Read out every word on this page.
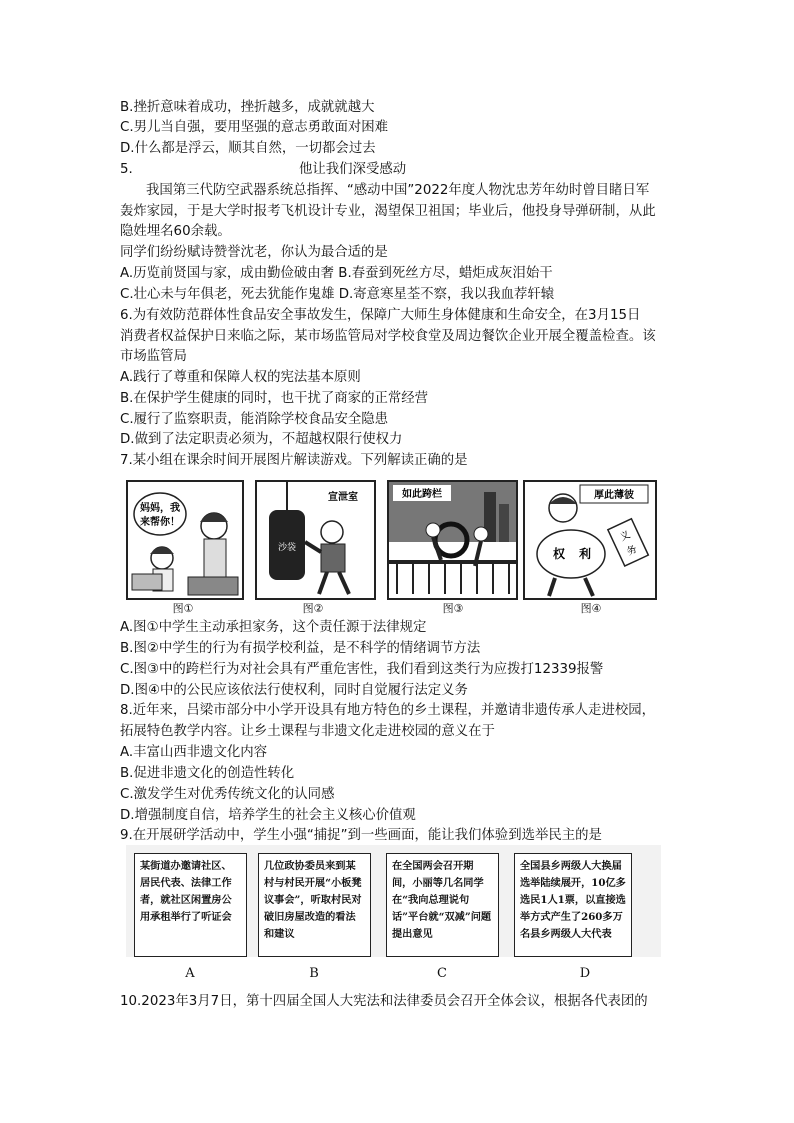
B.挫折意味着成功，挫折越多，成就就越大
C.男儿当自强，要用坚强的意志勇敢面对困难
D.什么都是浮云，顺其自然，一切都会过去
5.	他让我们深受感动
我国第三代防空武器系统总指挥、“感动中国”2022年度人物沈忠芳年幼时曾目睹日军
轰炸家园，于是大学时报考飞机设计专业，渴望保卫祖国；毕业后，他投身导弹研制，从此
隐姓埋名60余载。
同学们纷纷赋诗赞誉沈老，你认为最合适的是
A.历览前贤国与家，成由勤俭破由奢 B.春蚕到死丝方尽，蜡炬成灰泪始干
C.壮心未与年俱老，死去犹能作鬼雄 D.寄意寒星荃不察，我以我血荐轩辕
6.为有效防范群体性食品安全事故发生，保障广大师生身体健康和生命安全，在3月15日
消费者权益保护日来临之际，某市场监管局对学校食堂及周边餐饮企业开展全覆盖检查。该
市场监管局
A.践行了尊重和保障人权的宪法基本原则
B.在保护学生健康的同时，也干扰了商家的正常经营
C.履行了监察职责，能消除学校食品安全隐患
D.做到了法定职责必须为，不超越权限行使权力
7.某小组在课余时间开展图片解读游戏。下列解读正确的是
妈妈，我
来帮你！
图①
宣泄室
沙袋
图②
如此跨栏
图③
厚此薄彼
权 利
义
务
图④
A.图①中学生主动承担家务，这个责任源于法律规定
B.图②中学生的行为有损学校利益，是不科学的情绪调节方法
C.图③中的跨栏行为对社会具有严重危害性，我们看到这类行为应拨打12339报警
D.图④中的公民应该依法行使权利，同时自觉履行法定义务
8.近年来，吕梁市部分中小学开设具有地方特色的乡土课程，并邀请非遗传承人走进校园，
拓展特色教学内容。让乡土课程与非遗文化走进校园的意义在于
A.丰富山西非遗文化内容
B.促进非遗文化的创造性转化
C.激发学生对优秀传统文化的认同感
D.增强制度自信，培养学生的社会主义核心价值观
9.在开展研学活动中，学生小强“捕捉”到一些画面，能让我们体验到选举民主的是
某街道办邀请社区、居民代表、法律工作者，就社区闲置房公用承租举行了听证会
几位政协委员来到某村与村民开展“小板凳议事会”，听取村民对破旧房屋改造的看法和建议
在全国两会召开期间，小丽等几名同学在“我向总理说句话”平台就“双减”问题提出意见
全国县乡两级人大换届选举陆续展开，10亿多选民1人1票，以直接选举方式产生了260多万名县乡两级人大代表
A	B	C	D
10.2023年3月7日，第十四届全国人大宪法和法律委员会召开全体会议，根据各代表团的
